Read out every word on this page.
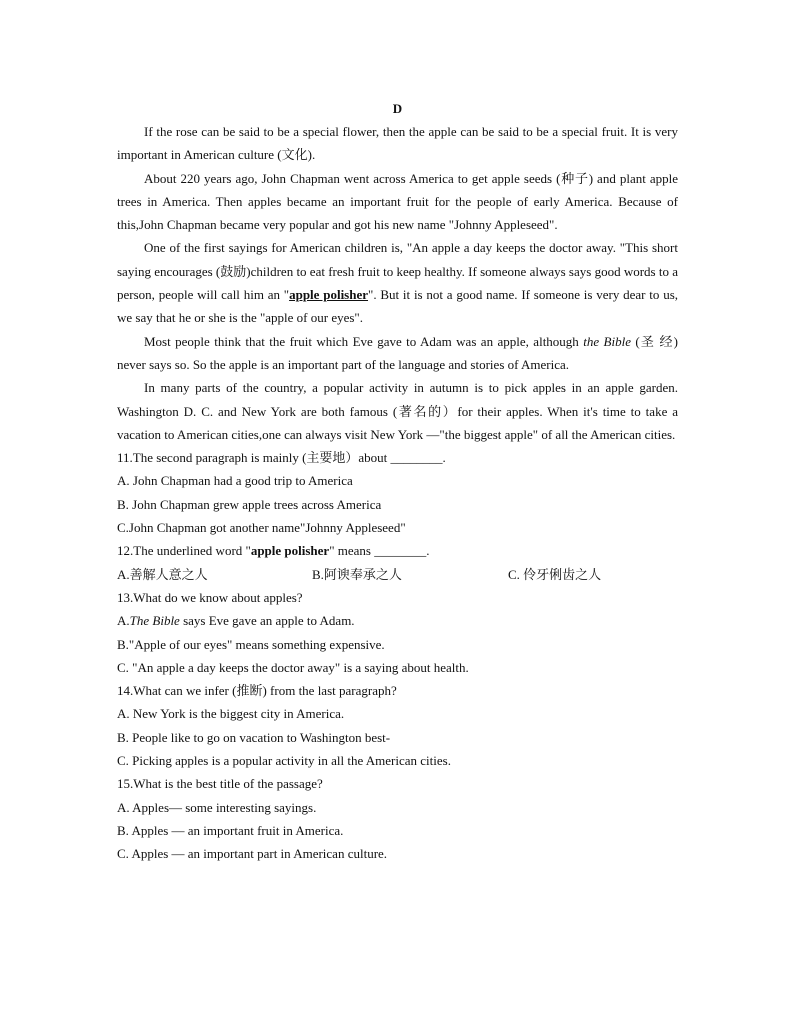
D

If the rose can be said to be a special flower, then the apple can be said to be a special fruit. It is very important in American culture (文化).

About 220 years ago, John Chapman went across America to get apple seeds (种子) and plant apple trees in America. Then apples became an important fruit for the people of early America. Because of this,John Chapman became very popular and got his new name "Johnny Appleseed".

One of the first sayings for American children is, "An apple a day keeps the doctor away. "This short saying encourages (鼓励)children to eat fresh fruit to keep healthy. If someone always says good words to a person, people will call him an "apple polisher". But it is not a good name. If someone is very dear to us, we say that he or she is the "apple of our eyes".

Most people think that the fruit which Eve gave to Adam was an apple, although the Bible (圣 经) never says so. So the apple is an important part of the language and stories of America.

In many parts of the country, a popular activity in autumn is to pick apples in an apple garden. Washington D. C. and New York are both famous (著名的）for their apples. When it's time to take a vacation to American cities,one can always visit New York —"the biggest apple" of all the American cities.

11.The second paragraph is mainly (主要地）about ________.

A. John Chapman had a good trip to America

B. John Chapman grew apple trees across America

C.John Chapman got another name"Johnny Appleseed"

12.The underlined word "apple polisher" means ________.

A.善解人意之人	B.阿谀奉承之人	C. 伶牙俐齿之人

13.What do we know about apples?

A.The Bible says Eve gave an apple to Adam.

B."Apple of our eyes" means something expensive.

C. "An apple a day keeps the doctor away" is a saying about health.

14.What can we infer (推断) from the last paragraph?

A. New York is the biggest city in America.

B. People like to go on vacation to Washington best-

C. Picking apples is a popular activity in all the American cities.

15.What is the best title of the passage?

A. Apples— some interesting sayings.

B. Apples — an important fruit in America.

C. Apples — an important part in American culture.
